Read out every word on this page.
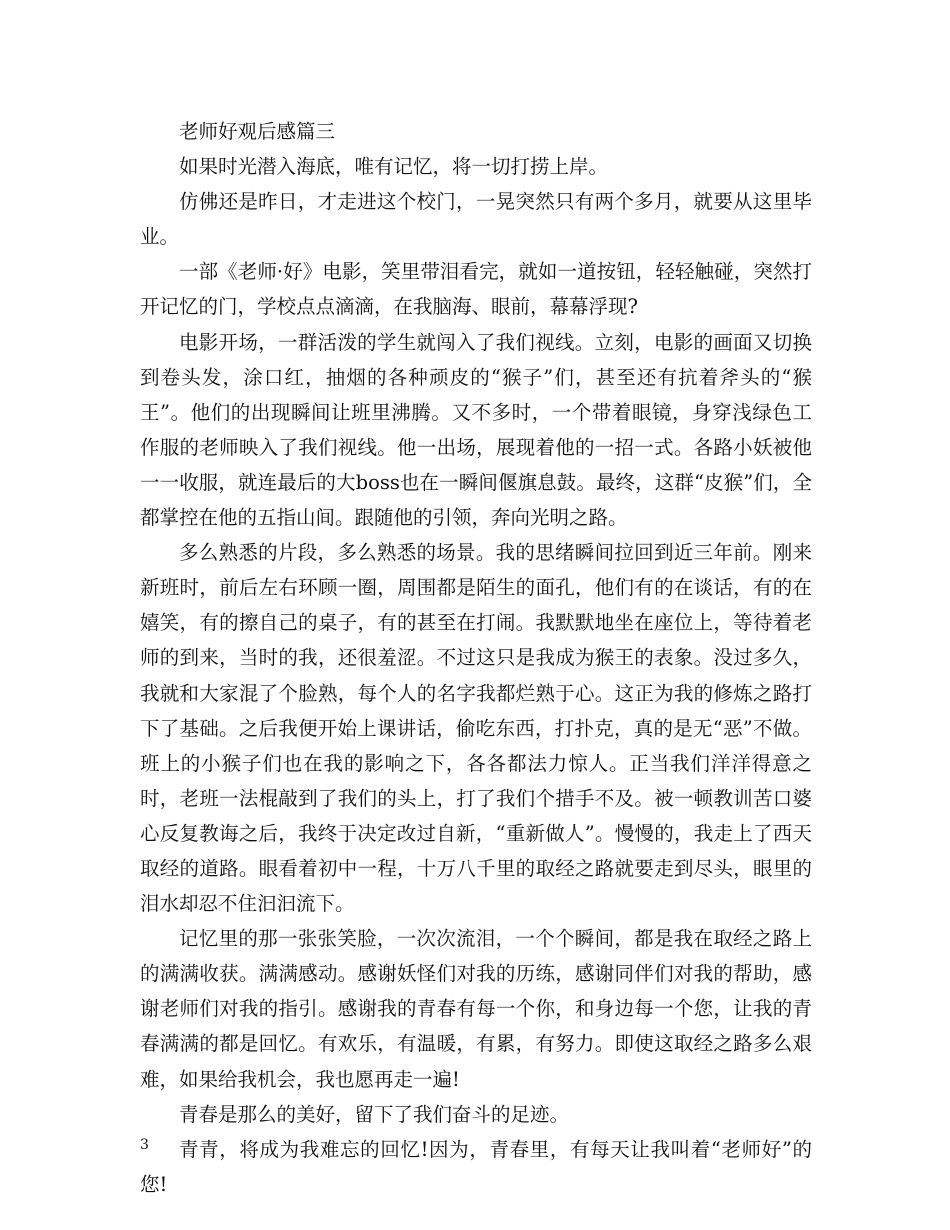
老师好观后感篇三

如果时光潜入海底，唯有记忆，将一切打捞上岸。

仿佛还是昨日，才走进这个校门，一晃突然只有两个多月，就要从这里毕业。

一部《老师·好》电影，笑里带泪看完，就如一道按钮，轻轻触碰，突然打开记忆的门，学校点点滴滴，在我脑海、眼前，幕幕浮现?

电影开场，一群活泼的学生就闯入了我们视线。立刻，电影的画面又切换到卷头发，涂口红，抽烟的各种顽皮的“猴子”们，甚至还有抗着斧头的“猴王”。他们的出现瞬间让班里沸腾。又不多时，一个带着眼镜，身穿浅绿色工作服的老师映入了我们视线。他一出场，展现着他的一招一式。各路小妖被他一一收服，就连最后的大boss也在一瞬间偃旗息鼓。最终，这群“皮猴”们，全都掌控在他的五指山间。跟随他的引领，奔向光明之路。

多么熟悉的片段，多么熟悉的场景。我的思绪瞬间拉回到近三年前。刚来新班时，前后左右环顾一圈，周围都是陌生的面孔，他们有的在谈话，有的在嬉笑，有的擦自己的桌子，有的甚至在打闹。我默默地坐在座位上，等待着老师的到来，当时的我，还很羞涩。不过这只是我成为猴王的表象。没过多久，我就和大家混了个脸熟，每个人的名字我都烂熟于心。这正为我的修炼之路打下了基础。之后我便开始上课讲话，偷吃东西，打扑克，真的是无“恶”不做。班上的小猴子们也在我的影响之下，各各都法力惊人。正当我们洋洋得意之时，老班一法棍敲到了我们的头上，打了我们个措手不及。被一顿教训苦口婆心反复教诲之后，我终于决定改过自新，“重新做人”。慢慢的，我走上了西天取经的道路。眼看着初中一程，十万八千里的取经之路就要走到尽头，眼里的泪水却忍不住汩汩流下。

记忆里的那一张张笑脸，一次次流泪，一个个瞬间，都是我在取经之路上的满满收获。满满感动。感谢妖怪们对我的历练，感谢同伴们对我的帮助，感谢老师们对我的指引。感谢我的青春有每一个你，和身边每一个您，让我的青春满满的都是回忆。有欢乐，有温暖，有累，有努力。即使这取经之路多么艰难，如果给我机会，我也愿再走一遍!

青春是那么的美好，留下了我们奋斗的足迹。

青青，将成为我难忘的回忆!因为，青春里，有每天让我叫着“老师好”的您!

3
